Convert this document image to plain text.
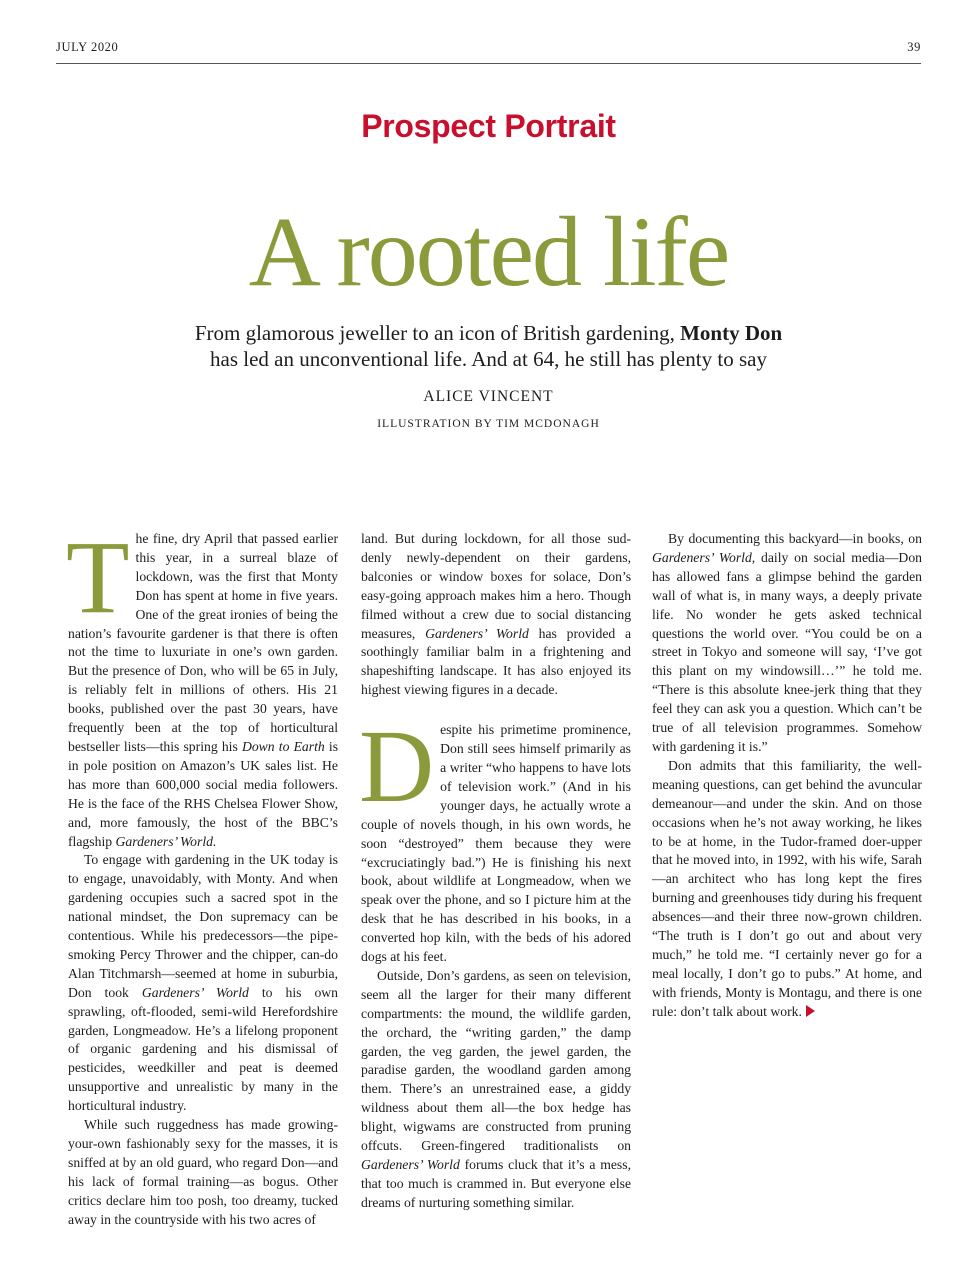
JULY 2020	39
Prospect Portrait
A rooted life
From glamorous jeweller to an icon of British gardening, Monty Don
has led an unconventional life. And at 64, he still has plenty to say
ALICE VINCENT
ILLUSTRATION BY TIM MCDONAGH

The fine, dry April that passed earlier this year, in a surreal blaze of lockdown, was the first that Monty Don has spent at home in five years. One of the great ironies of being the nation’s favourite gardener is that there is often not the time to luxuriate in one’s own garden. But the presence of Don, who will be 65 in July, is reliably felt in millions of others. His 21 books, published over the past 30 years, have frequently been at the top of horticultural bestseller lists—this spring his Down to Earth is in pole position on Amazon’s UK sales list. He has more than 600,000 social media followers. He is the face of the RHS Chelsea Flower Show, and, more famously, the host of the BBC’s flagship Gardeners’ World.

To engage with gardening in the UK today is to engage, unavoidably, with Monty. And when gardening occupies such a sacred spot in the national mindset, the Don supremacy can be contentious. While his predecessors—the pipe-smoking Percy Thrower and the chipper, can-do Alan Titchmarsh—seemed at home in suburbia, Don took Gardeners’ World to his own sprawling, oft-flooded, semi-wild Herefordshire garden, Longmeadow. He’s a lifelong proponent of organic gardening and his dismissal of pesticides, weedkiller and peat is deemed unsupportive and unrealistic by many in the horticultural industry.

While such ruggedness has made growing-your-own fashionably sexy for the masses, it is sniffed at by an old guard, who regard Don—and his lack of formal training—as bogus. Other critics declare him too posh, too dreamy, tucked away in the countryside with his two acres of

land. But during lockdown, for all those suddenly newly-dependent on their gardens, balconies or window boxes for solace, Don’s easy-going approach makes him a hero. Though filmed without a crew due to social distancing measures, Gardeners’ World has provided a soothingly familiar balm in a frightening and shapeshifting landscape. It has also enjoyed its highest viewing figures in a decade.

Despite his primetime prominence, Don still sees himself primarily as a writer “who happens to have lots of television work.” (And in his younger days, he actually wrote a couple of novels though, in his own words, he soon “destroyed” them because they were “excruciatingly bad.”) He is finishing his next book, about wildlife at Longmeadow, when we speak over the phone, and so I picture him at the desk that he has described in his books, in a converted hop kiln, with the beds of his adored dogs at his feet.

Outside, Don’s gardens, as seen on television, seem all the larger for their many different compartments: the mound, the wildlife garden, the orchard, the “writing garden,” the damp garden, the veg garden, the jewel garden, the paradise garden, the woodland garden among them. There’s an unrestrained ease, a giddy wildness about them all—the box hedge has blight, wigwams are constructed from pruning offcuts. Green-fingered traditionalists on Gardeners’ World forums cluck that it’s a mess, that too much is crammed in. But everyone else dreams of nurturing something similar.

By documenting this backyard—in books, on Gardeners’ World, daily on social media—Don has allowed fans a glimpse behind the garden wall of what is, in many ways, a deeply private life. No wonder he gets asked technical questions the world over. “You could be on a street in Tokyo and someone will say, ‘I’ve got this plant on my windowsill…’” he told me. “There is this absolute knee-jerk thing that they feel they can ask you a question. Which can’t be true of all television programmes. Somehow with gardening it is.”

Don admits that this familiarity, the well-meaning questions, can get behind the avuncular demeanour—and under the skin. And on those occasions when he’s not away working, he likes to be at home, in the Tudor-framed doer-upper that he moved into, in 1992, with his wife, Sarah—an architect who has long kept the fires burning and greenhouses tidy during his frequent absences—and their three now-grown children. “The truth is I don’t go out and about very much,” he told me. “I certainly never go for a meal locally, I don’t go to pubs.” At home, and with friends, Monty is Montagu, and there is one rule: don’t talk about work.
